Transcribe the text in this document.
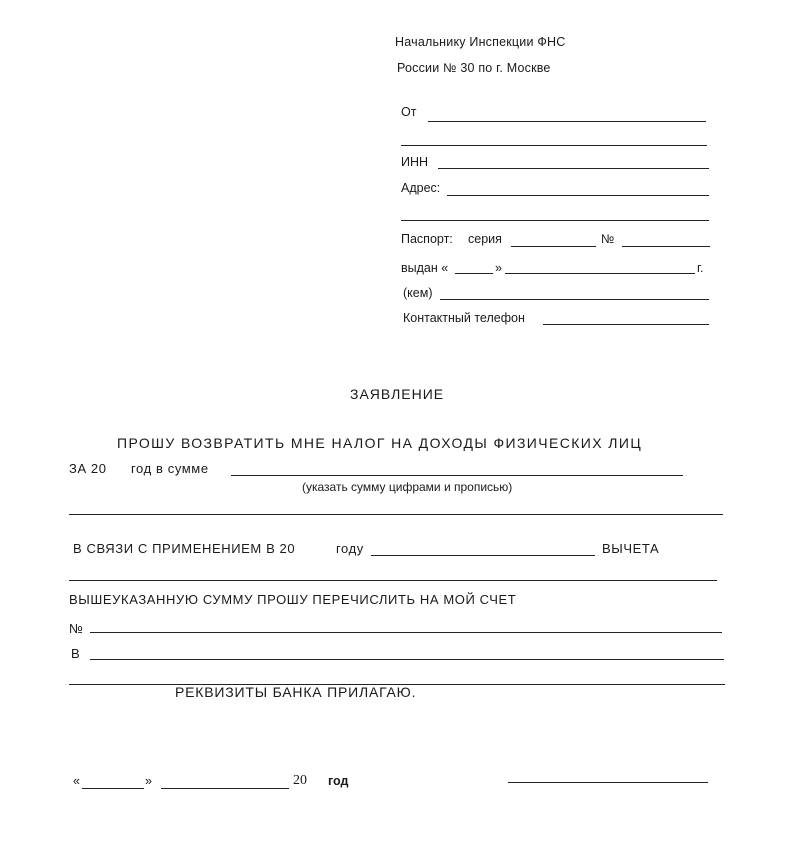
Начальнику Инспекции ФНС
России № 30 по г. Москве
От
ИНН
Адрес:
Паспорт: серия	№
выдан «	»	г.
(кем)
Контактный телефон
ЗАЯВЛЕНИЕ
ПРОШУ ВОЗВРАТИТЬ МНЕ НАЛОГ НА ДОХОДЫ ФИЗИЧЕСКИХ ЛИЦ
ЗА 20 год в сумме
(указать сумму цифрами и прописью)
В СВЯЗИ С ПРИМЕНЕНИЕМ В 20	году	ВЫЧЕТА
ВЫШЕУКАЗАННУЮ СУММУ ПРОШУ ПЕРЕЧИСЛИТЬ НА МОЙ СЧЕТ
№
В
РЕКВИЗИТЫ БАНКА ПРИЛАГАЮ.
«	»	20 год
